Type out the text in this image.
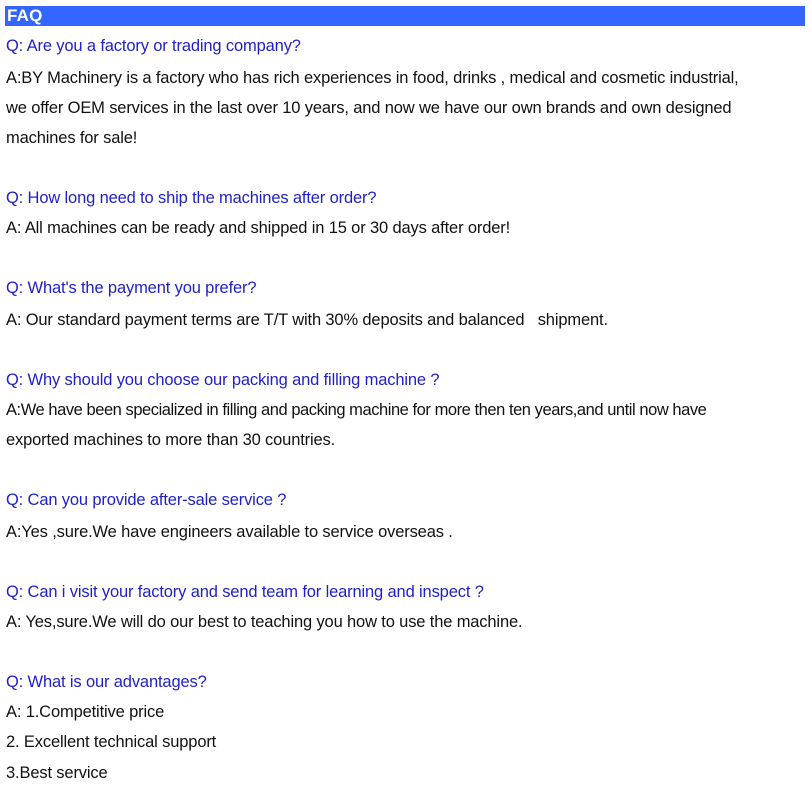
FAQ
Q: Are you a factory or trading company?
A:BY Machinery is a factory who has rich experiences in food, drinks , medical and cosmetic industrial,
we offer OEM services in the last over 10 years, and now we have our own brands and own designed
machines for sale!
Q: How long need to ship the machines after order?
A: All machines can be ready and shipped in 15 or 30 days after order!
Q: What's the payment you prefer?
A: Our standard payment terms are T/T with 30% deposits and balanced   shipment.
Q: Why should you choose our packing and filling machine ?
A:We have been specialized in filling and packing machine for more then ten years,and until now have
exported machines to more than 30 countries.
Q: Can you provide after-sale service ?
A:Yes ,sure.We have engineers available to service overseas .
Q: Can i visit your factory and send team for learning and inspect ?
A: Yes,sure.We will do our best to teaching you how to use the machine.
Q: What is our advantages?
A: 1.Competitive price
2. Excellent technical support
3.Best service
